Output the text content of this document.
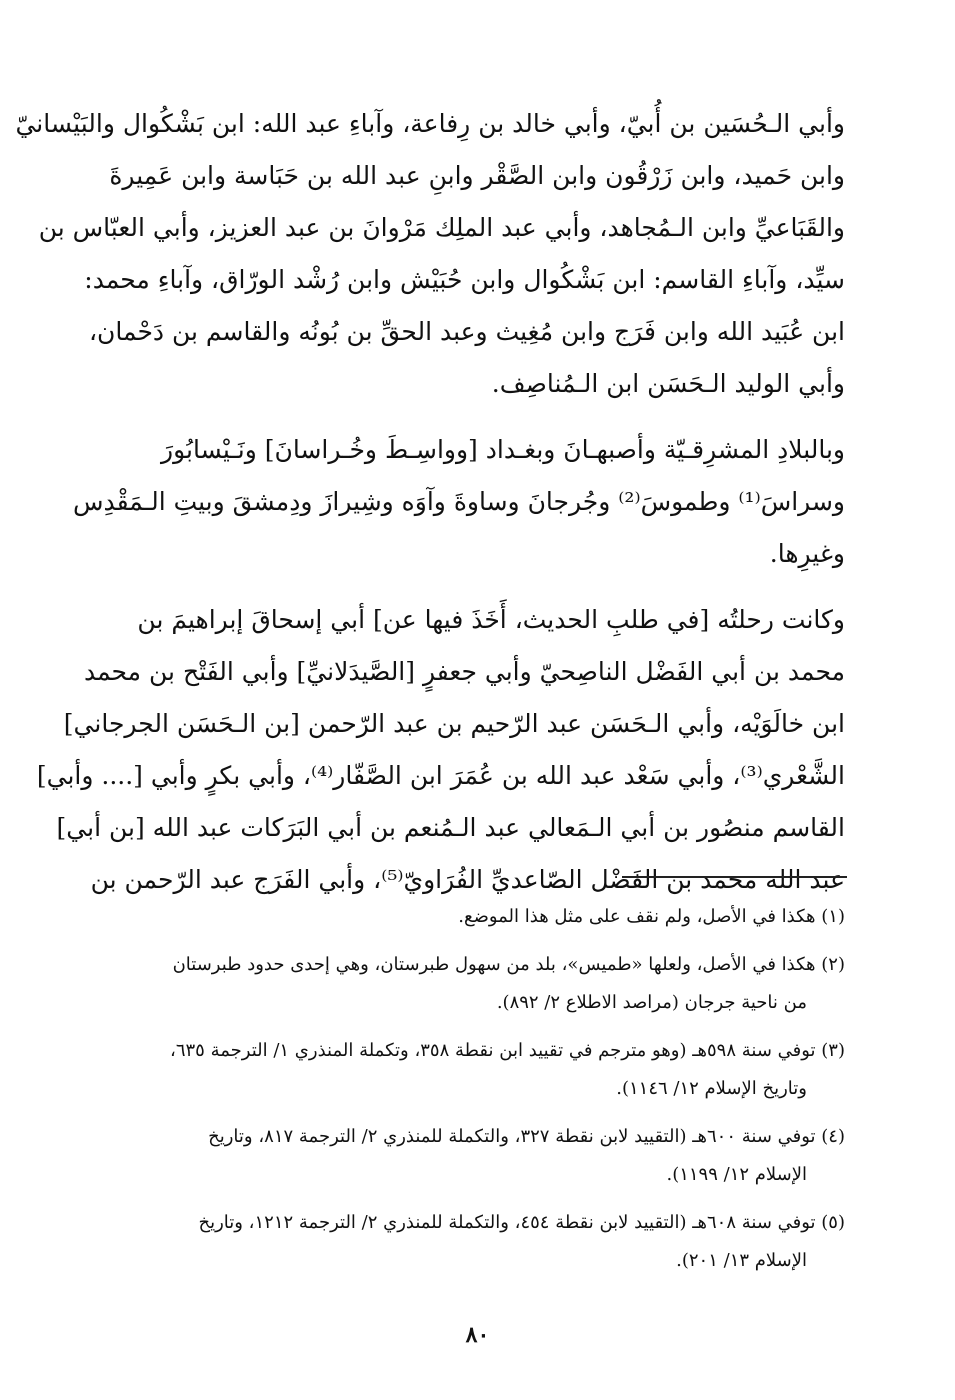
وأبي الـحُسَين بن أُبيّ، وأبي خالد بن رِفاعة، وآباءِ عبد الله: ابن بَشْكُوال والبَيْسانيّ
وابن حَميد، وابن زَرْقُون وابن الصَّقْر وابنِ عبد الله بن حَبَاسة وابن عَمِيرةَ
والقَبَاعيِّ وابن الـمُجاهد، وأبي عبد الملِك مَرْوانَ بن عبد العزيز، وأبي العبّاس بن
سيِّد، وآباءِ القاسم: ابن بَشْكُوال وابن حُبَيْش وابن رُشْد الورّاق، وآباءِ محمد:
ابن عُبَيد الله وابن فَرَج وابن مُغِيث وعبد الحقِّ بن بُونُه والقاسم بن دَحْمان،
وأبي الوليد الـحَسَن ابن الـمُناصِف.

وبالبلادِ المشرِقـيّة وأصبهـانَ وبغـداد [وواسِـطَ وخُـراسانَ] ونَـيْسابُورَ
وسراسَ⁽¹⁾ وطموسَ⁽²⁾ وجُرجانَ وساوةَ وآوَه وشِيرازَ ودِمشقَ وبيتِ الـمَقْدِس
وغيرِها.

وكانت رحلتُه [في طلبِ الحديث، أَخَذَ فيها عن] أبي إسحاقَ إبراهيمَ بن
محمد بن أبي الفَضْل الناصِحيّ وأبي جعفرٍ [الصَّيدَلانيِّ] وأبي الفَتْح بن محمد
ابن خالَوَيْه، وأبي الـحَسَن عبد الرّحيم بن عبد الرّحمن [بن الـحَسَن الجرجاني]
الشَّعْري⁽³⁾، وأبي سَعْد عبد الله بن عُمَرَ ابن الصَّفّار⁽⁴⁾، وأبي بكرٍ وأبي [.... وأبي]
القاسم منصُور بن أبي الـمَعالي عبد الـمُنعم بن أبي البَرَكات عبد الله [بن أبي]
عبد الله محمد بن الفَضْل الصّاعديِّ الفُرَاويّ⁽⁵⁾، وأبي الفَرَج عبد الرّحمن بن

(١) هكذا في الأصل، ولم نقف على مثل هذا الموضع.
(٢) هكذا في الأصل، ولعلها «طميس»، بلد من سهول طبرستان، وهي إحدى حدود طبرستان
من ناحية جرجان (مراصد الاطلاع ٢/ ٨٩٢).
(٣) توفي سنة ٥٩٨هـ (وهو مترجم في تقييد ابن نقطة ٣٥٨، وتكملة المنذري ١/ الترجمة ٦٣٥،
وتاريخ الإسلام ١٢/ ١١٤٦).
(٤) توفي سنة ٦٠٠هـ (التقييد لابن نقطة ٣٢٧، والتكملة للمنذري ٢/ الترجمة ٨١٧، وتاريخ
الإسلام ١٢/ ١١٩٩).
(٥) توفي سنة ٦٠٨هـ (التقييد لابن نقطة ٤٥٤، والتكملة للمنذري ٢/ الترجمة ١٢١٢، وتاريخ
الإسلام ١٣/ ٢٠١).
٨٠
